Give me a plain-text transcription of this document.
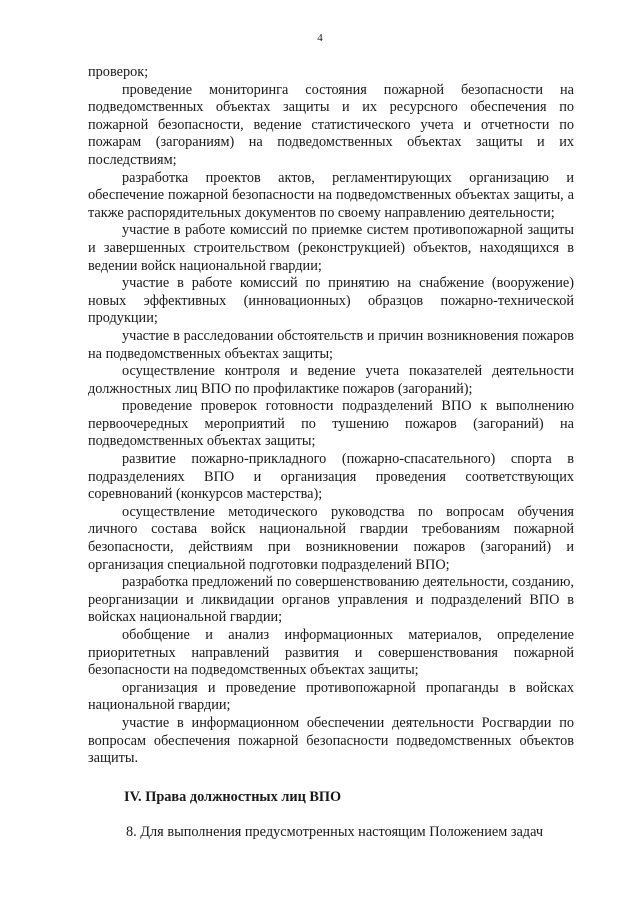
4

проверок;

проведение мониторинга состояния пожарной безопасности на подведомственных объектах защиты и их ресурсного обеспечения по пожарной безопасности, ведение статистического учета и отчетности по пожарам (загораниям) на подведомственных объектах защиты и их последствиям;

разработка проектов актов, регламентирующих организацию и обеспечение пожарной безопасности на подведомственных объектах защиты, а также распорядительных документов по своему направлению деятельности;

участие в работе комиссий по приемке систем противопожарной защиты и завершенных строительством (реконструкцией) объектов, находящихся в ведении войск национальной гвардии;

участие в работе комиссий по принятию на снабжение (вооружение) новых эффективных (инновационных) образцов пожарно-технической продукции;

участие в расследовании обстоятельств и причин возникновения пожаров на подведомственных объектах защиты;

осуществление контроля и ведение учета показателей деятельности должностных лиц ВПО по профилактике пожаров (загораний);

проведение проверок готовности подразделений ВПО к выполнению первоочередных мероприятий по тушению пожаров (загораний) на подведомственных объектах защиты;

развитие пожарно-прикладного (пожарно-спасательного) спорта в подразделениях ВПО и организация проведения соответствующих соревнований (конкурсов мастерства);

осуществление методического руководства по вопросам обучения личного состава войск национальной гвардии требованиям пожарной безопасности, действиям при возникновении пожаров (загораний) и организация специальной подготовки подразделений ВПО;

разработка предложений по совершенствованию деятельности, созданию, реорганизации и ликвидации органов управления и подразделений ВПО в войсках национальной гвардии;

обобщение и анализ информационных материалов, определение приоритетных направлений развития и совершенствования пожарной безопасности на подведомственных объектах защиты;

организация и проведение противопожарной пропаганды в войсках национальной гвардии;

участие в информационном обеспечении деятельности Росгвардии по вопросам обеспечения пожарной безопасности подведомственных объектов защиты.

IV. Права должностных лиц ВПО

8. Для выполнения предусмотренных настоящим Положением задач
